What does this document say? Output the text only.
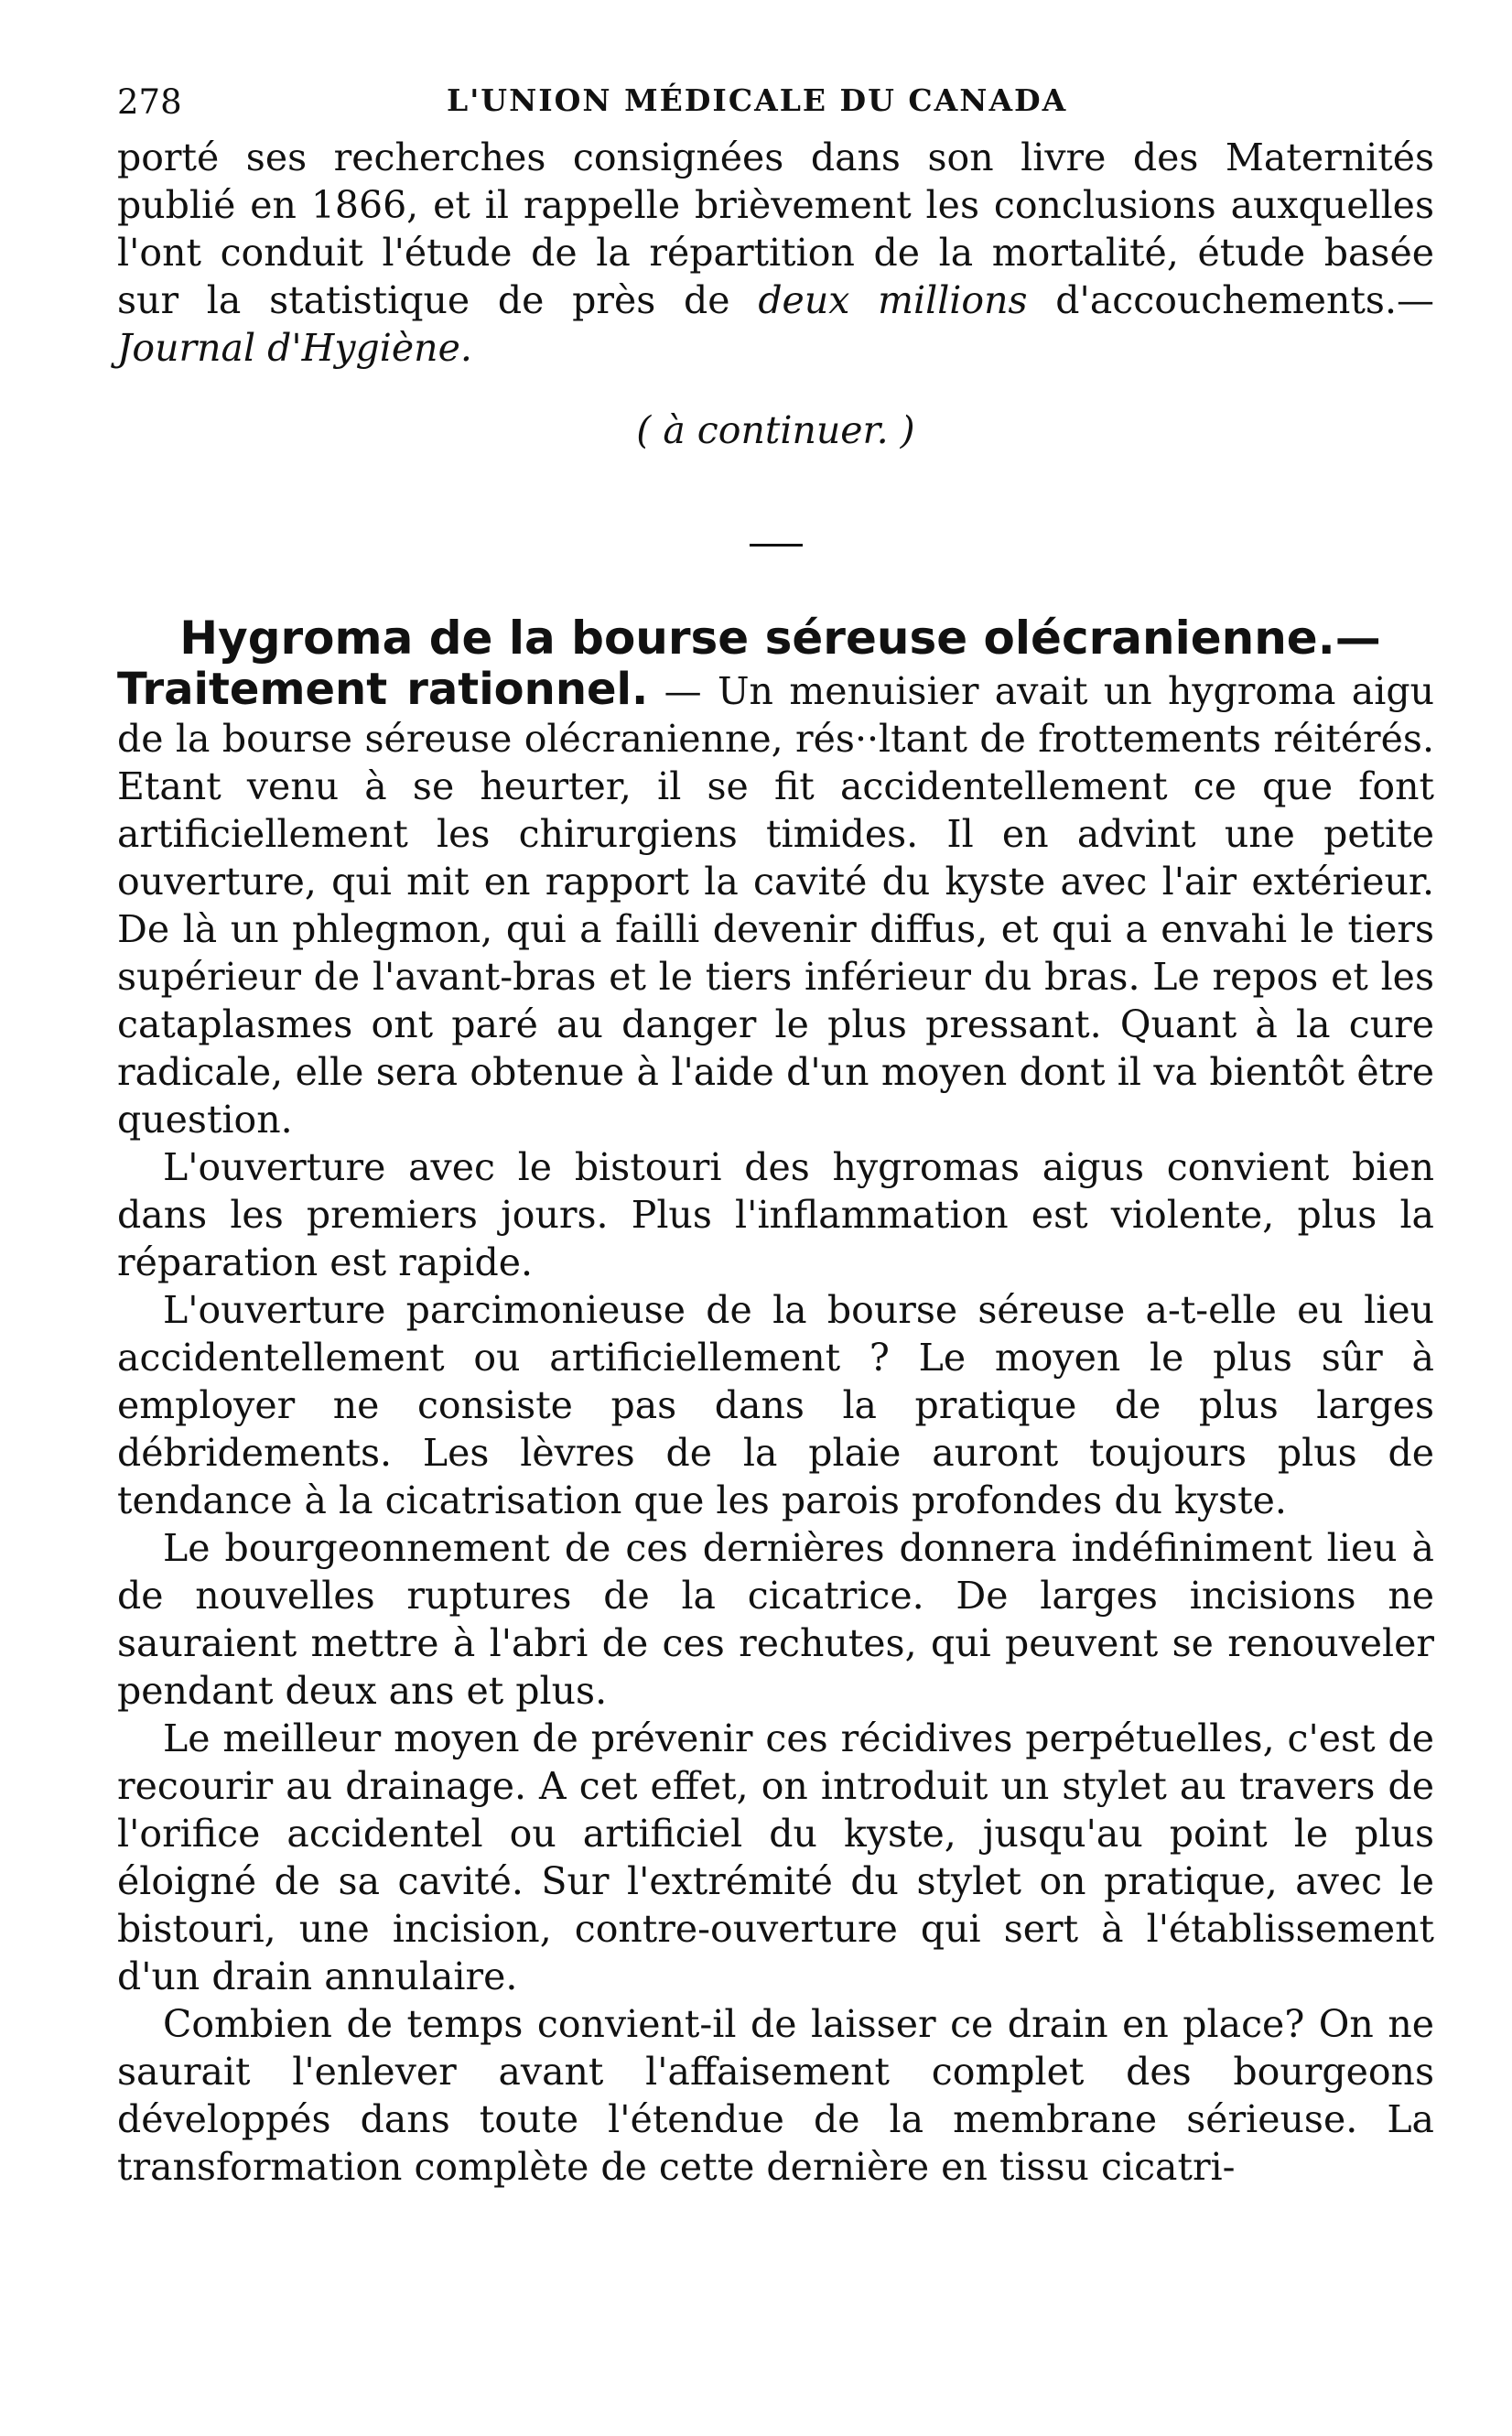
278	L'UNION MÉDICALE DU CANADA

porté ses recherches consignées dans son livre des Maternités publié en 1866, et il rappelle brièvement les conclusions auxquelles l'ont conduit l'étude de la répartition de la mortalité, étude basée sur la statistique de près de deux millions d'accouchements.—Journal d'Hygiène.

( à continuer. )

Hygroma de la bourse séreuse olécranienne.—

Traitement rationnel. — Un menuisier avait un hygroma aigu de la bourse séreuse olécranienne, rés··ltant de frottements réitérés. Etant venu à se heurter, il se fit accidentellement ce que font artificiellement les chirurgiens timides. Il en advint une petite ouverture, qui mit en rapport la cavité du kyste avec l'air extérieur. De là un phlegmon, qui a failli devenir diffus, et qui a envahi le tiers supérieur de l'avant-bras et le tiers inférieur du bras. Le repos et les cataplasmes ont paré au danger le plus pressant. Quant à la cure radicale, elle sera obtenue à l'aide d'un moyen dont il va bientôt être question.

L'ouverture avec le bistouri des hygromas aigus convient bien dans les premiers jours. Plus l'inflammation est violente, plus la réparation est rapide.

L'ouverture parcimonieuse de la bourse séreuse a-t-elle eu lieu accidentellement ou artificiellement ? Le moyen le plus sûr à employer ne consiste pas dans la pratique de plus larges débridements. Les lèvres de la plaie auront toujours plus de tendance à la cicatrisation que les parois profondes du kyste.

Le bourgeonnement de ces dernières donnera indéfiniment lieu à de nouvelles ruptures de la cicatrice. De larges incisions ne sauraient mettre à l'abri de ces rechutes, qui peuvent se renouveler pendant deux ans et plus.

Le meilleur moyen de prévenir ces récidives perpétuelles, c'est de recourir au drainage. A cet effet, on introduit un stylet au travers de l'orifice accidentel ou artificiel du kyste, jusqu'au point le plus éloigné de sa cavité. Sur l'extrémité du stylet on pratique, avec le bistouri, une incision, contre-ouverture qui sert à l'établissement d'un drain annulaire.

Combien de temps convient-il de laisser ce drain en place? On ne saurait l'enlever avant l'affaisement complet des bourgeons développés dans toute l'étendue de la membrane sérieuse. La transformation complète de cette dernière en tissu cicatri-
